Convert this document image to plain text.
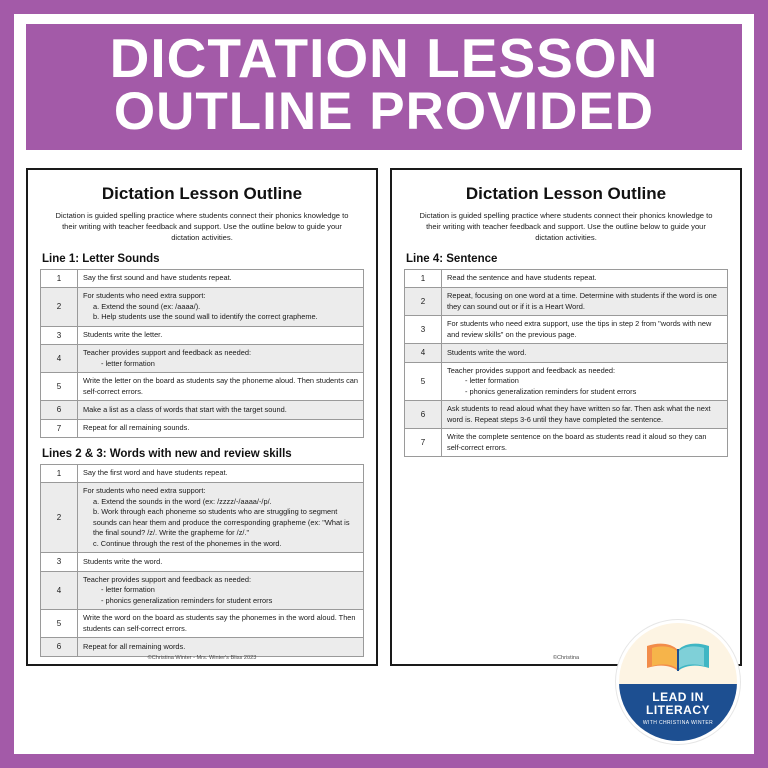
DICTATION LESSON
OUTLINE PROVIDED
Dictation Lesson Outline
Dictation is guided spelling practice where students connect their phonics knowledge to their writing with teacher feedback and support. Use the outline below to guide your dictation activities.
Line 1: Letter Sounds
1	Say the first sound and have students repeat.
2	For students who need extra support:
a. Extend the sound (ex: /aaaa/).
b. Help students use the sound wall to identify the correct grapheme.

3	Students write the letter.
4	Teacher provides support and feedback as needed:
- letter formation

5	Write the letter on the board as students say the phoneme aloud. Then students can self-correct errors.
6	Make a list as a class of words that start with the target sound.
7	Repeat for all remaining sounds.
Lines 2 & 3: Words with new and review skills
1	Say the first word and have students repeat.
2	For students who need extra support:
a. Extend the sounds in the word (ex: /zzzz/-/aaaa/-/p/.
b. Work through each phoneme so students who are struggling to segment sounds can hear them and produce the corresponding grapheme (ex: "What is the final sound? /z/. Write the grapheme for /z/."
c. Continue through the rest of the phonemes in the word.

3	Students write the word.
4	Teacher provides support and feedback as needed:
- letter formation
- phonics generalization reminders for student errors

5	Write the word on the board as students say the phonemes in the word aloud. Then students can self-correct errors.
6	Repeat for all remaining words.
©Christina Winter - Mrs. Winter's Bliss 2023
Dictation Lesson Outline
Dictation is guided spelling practice where students connect their phonics knowledge to their writing with teacher feedback and support. Use the outline below to guide your dictation activities.
Line 4: Sentence
1	Read the sentence and have students repeat.
2	Repeat, focusing on one word at a time. Determine with students if the word is one they can sound out or if it is a Heart Word.
3	For students who need extra support, use the tips in step 2 from "words with new and review skills" on the previous page.
4	Students write the word.
5	Teacher provides support and feedback as needed:
- letter formation
- phonics generalization reminders for student errors

6	Ask students to read aloud what they have written so far. Then ask what the next word is. Repeat steps 3-6 until they have completed the sentence.
7	Write the complete sentence on the board as students read it aloud so they can self-correct errors.
©Christina
LEAD IN
LITERACY
WITH CHRISTINA WINTER
